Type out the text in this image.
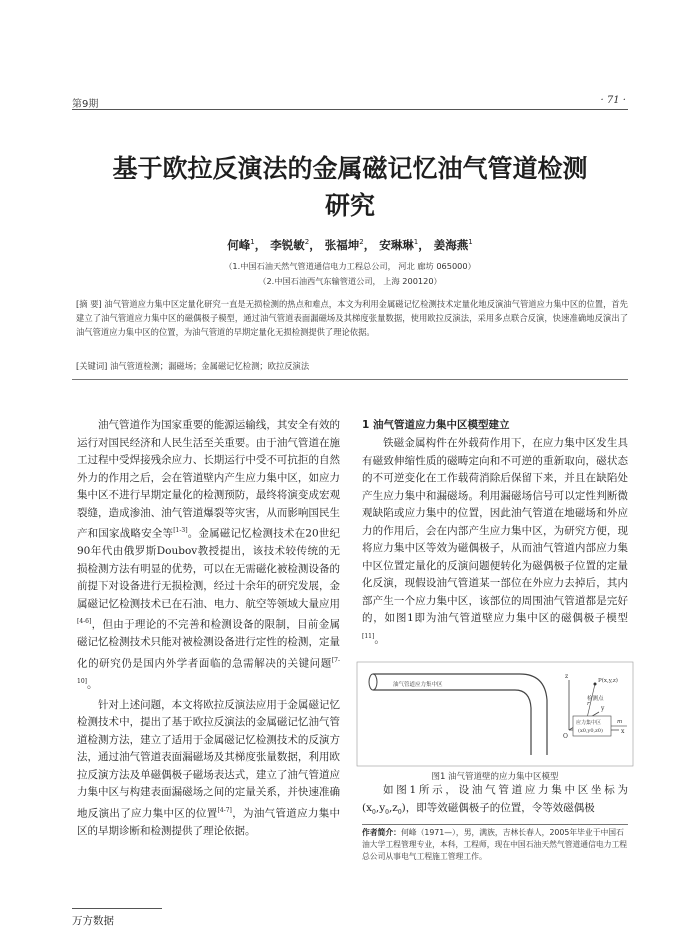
第9期	· 71 ·
基于欧拉反演法的金属磁记忆油气管道检测
研究
何峰$^1$， 李锐敏$^2$， 张福坤$^2$， 安琳琳$^1$， 姜海燕$^1$
（1.中国石油天然气管道通信电力工程总公司， 河北 廊坊 065000）
（2.中国石油西气东输管道公司， 上海 200120）
[摘 要] 油气管道应力集中区定量化研究一直是无损检测的热点和难点，本文为利用金属磁记忆检测技术定量化地反演油气管道应力集中区的位置，首先建立了油气管道应力集中区的磁偶极子模型，通过油气管道表面漏磁场及其梯度张量数据，使用欧拉反演法，采用多点联合反演，快速准确地反演出了油气管道应力集中区的位置，为油气管道的早期定量化无损检测提供了理论依据。
[关键词] 油气管道检测；漏磁场；金属磁记忆检测；欧拉反演法

油气管道作为国家重要的能源运输线，其安全有效的运行对国民经济和人民生活至关重要。由于油气管道在施工过程中受焊接残余应力、长期运行中受不可抗拒的自然外力的作用之后，会在管道壁内产生应力集中区，如应力集中区不进行早期定量化的检测预防，最终将演变成宏观裂缝，造成渗油、油气管道爆裂等灾害，从而影响国民生产和国家战略安全等[1-3]。金属磁记忆检测技术在20世纪90年代由俄罗斯Doubov教授提出，该技术较传统的无损检测方法有明显的优势，可以在无需磁化被检测设备的前提下对设备进行无损检测，经过十余年的研究发展，金属磁记忆检测技术已在石油、电力、航空等领域大量应用[4-6]，但由于理论的不完善和检测设备的限制，目前金属磁记忆检测技术只能对被检测设备进行定性的检测，定量化的研究仍是国内外学者面临的急需解决的关键问题[7-10]。

针对上述问题，本文将欧拉反演法应用于金属磁记忆检测技术中，提出了基于欧拉反演法的金属磁记忆油气管道检测方法，建立了适用于金属磁记忆检测技术的反演方法，通过油气管道表面漏磁场及其梯度张量数据，利用欧拉反演方法及单磁偶极子磁场表达式，建立了油气管道应力集中区与构建表面漏磁场之间的定量关系，并快速准确地反演出了应力集中区的位置[4-7]，为油气管道应力集中区的早期诊断和检测提供了理论依据。

1 油气管道应力集中区模型建立

铁磁金属构件在外载荷作用下，在应力集中区发生具有磁致伸缩性质的磁畴定向和不可逆的重新取向，磁状态的不可逆变化在工作载荷消除后保留下来，并且在缺陷处产生应力集中和漏磁场。利用漏磁场信号可以定性判断微观缺陷或应力集中的位置，因此油气管道在地磁场和外应力的作用后，会在内部产生应力集中区，为研究方便，现将应力集中区等效为磁偶极子，从而油气管道内部应力集中区位置定量化的反演问题便转化为磁偶极子位置的定量化反演，现假设油气管道某一部位在外应力去掉后，其内部产生一个应力集中区，该部位的周围油气管道都是完好的，如图1即为油气管道壁应力集中区的磁偶极子模型[11]。

油气管道应力集中区
x
z
y
O
P(x,y,z)
检测点
r
应力集中区
(x0,y0,z0)
m
图1 油气管道壁的应力集中区模型

如图1所示，设油气管道应力集中区坐标为$(x_0,y_0,z_0)$，即等效磁偶极子的位置，令等效磁偶极

作者简介：何峰（1971—），男，满族，吉林长春人，2005年毕业于中国石油大学工程管理专业，本科，工程师，现在中国石油天然气管道通信电力工程总公司从事电气工程施工管理工作。
万方数据
